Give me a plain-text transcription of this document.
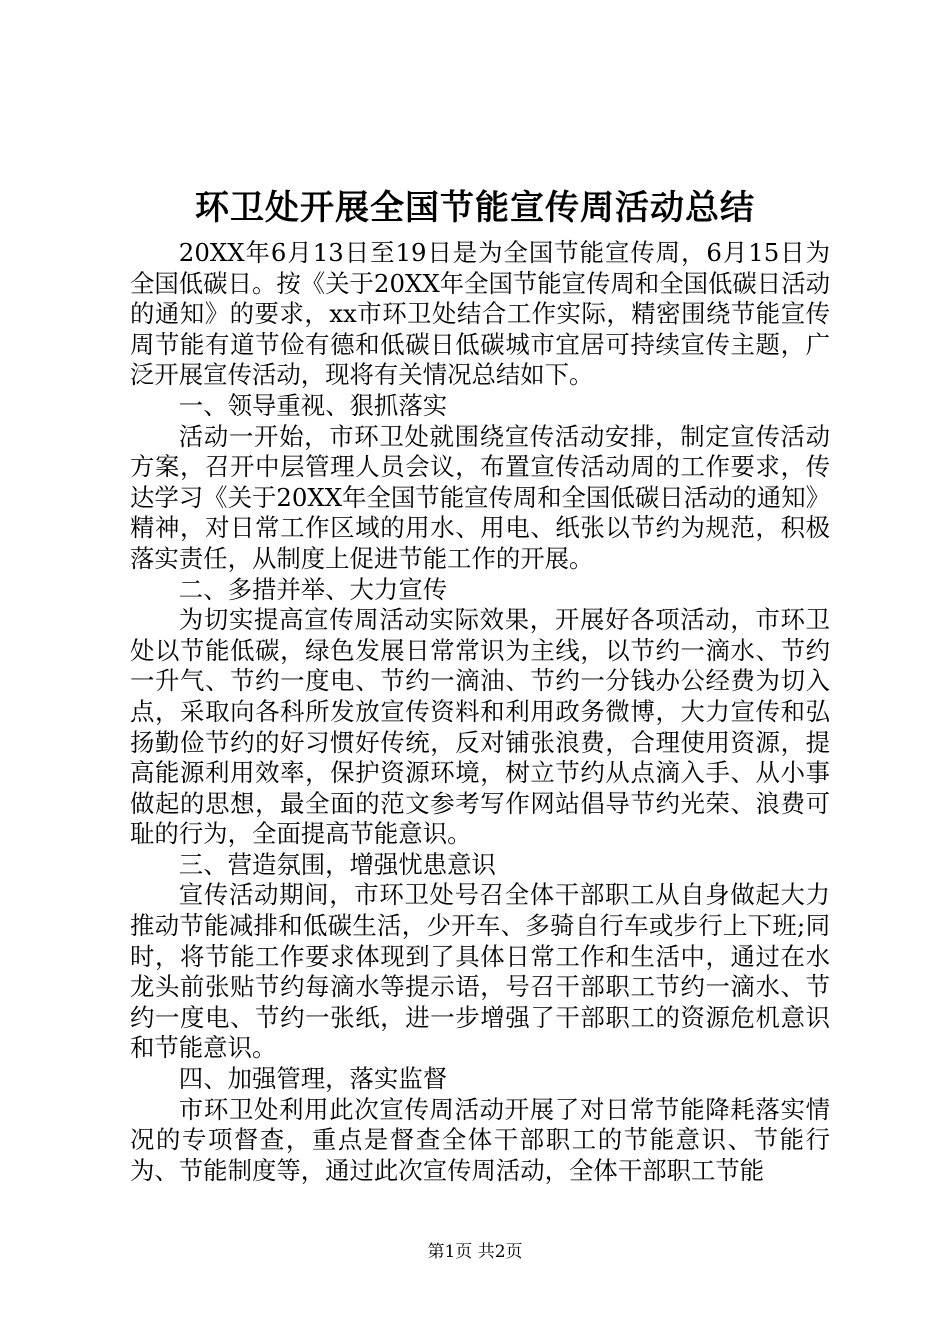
环卫处开展全国节能宣传周活动总结

20XX年6月13日至19日是为全国节能宣传周，6月15日为全国低碳日。按《关于20XX年全国节能宣传周和全国低碳日活动的通知》的要求，xx市环卫处结合工作实际，精密围绕节能宣传周节能有道节俭有德和低碳日低碳城市宜居可持续宣传主题，广泛开展宣传活动，现将有关情况总结如下。

一、领导重视、狠抓落实

活动一开始，市环卫处就围绕宣传活动安排，制定宣传活动方案，召开中层管理人员会议，布置宣传活动周的工作要求，传达学习《关于20XX年全国节能宣传周和全国低碳日活动的通知》精神，对日常工作区域的用水、用电、纸张以节约为规范，积极落实责任，从制度上促进节能工作的开展。

二、多措并举、大力宣传

为切实提高宣传周活动实际效果，开展好各项活动，市环卫处以节能低碳，绿色发展日常常识为主线，以节约一滴水、节约一升气、节约一度电、节约一滴油、节约一分钱办公经费为切入点，采取向各科所发放宣传资料和利用政务微博，大力宣传和弘扬勤俭节约的好习惯好传统，反对铺张浪费，合理使用资源，提高能源利用效率，保护资源环境，树立节约从点滴入手、从小事做起的思想，最全面的范文参考写作网站倡导节约光荣、浪费可耻的行为，全面提高节能意识。

三、营造氛围，增强忧患意识

宣传活动期间，市环卫处号召全体干部职工从自身做起大力推动节能减排和低碳生活，少开车、多骑自行车或步行上下班;同时，将节能工作要求体现到了具体日常工作和生活中，通过在水龙头前张贴节约每滴水等提示语，号召干部职工节约一滴水、节约一度电、节约一张纸，进一步增强了干部职工的资源危机意识和节能意识。

四、加强管理，落实监督

市环卫处利用此次宣传周活动开展了对日常节能降耗落实情况的专项督查，重点是督查全体干部职工的节能意识、节能行为、节能制度等，通过此次宣传周活动，全体干部职工节能

第1页 共2页
